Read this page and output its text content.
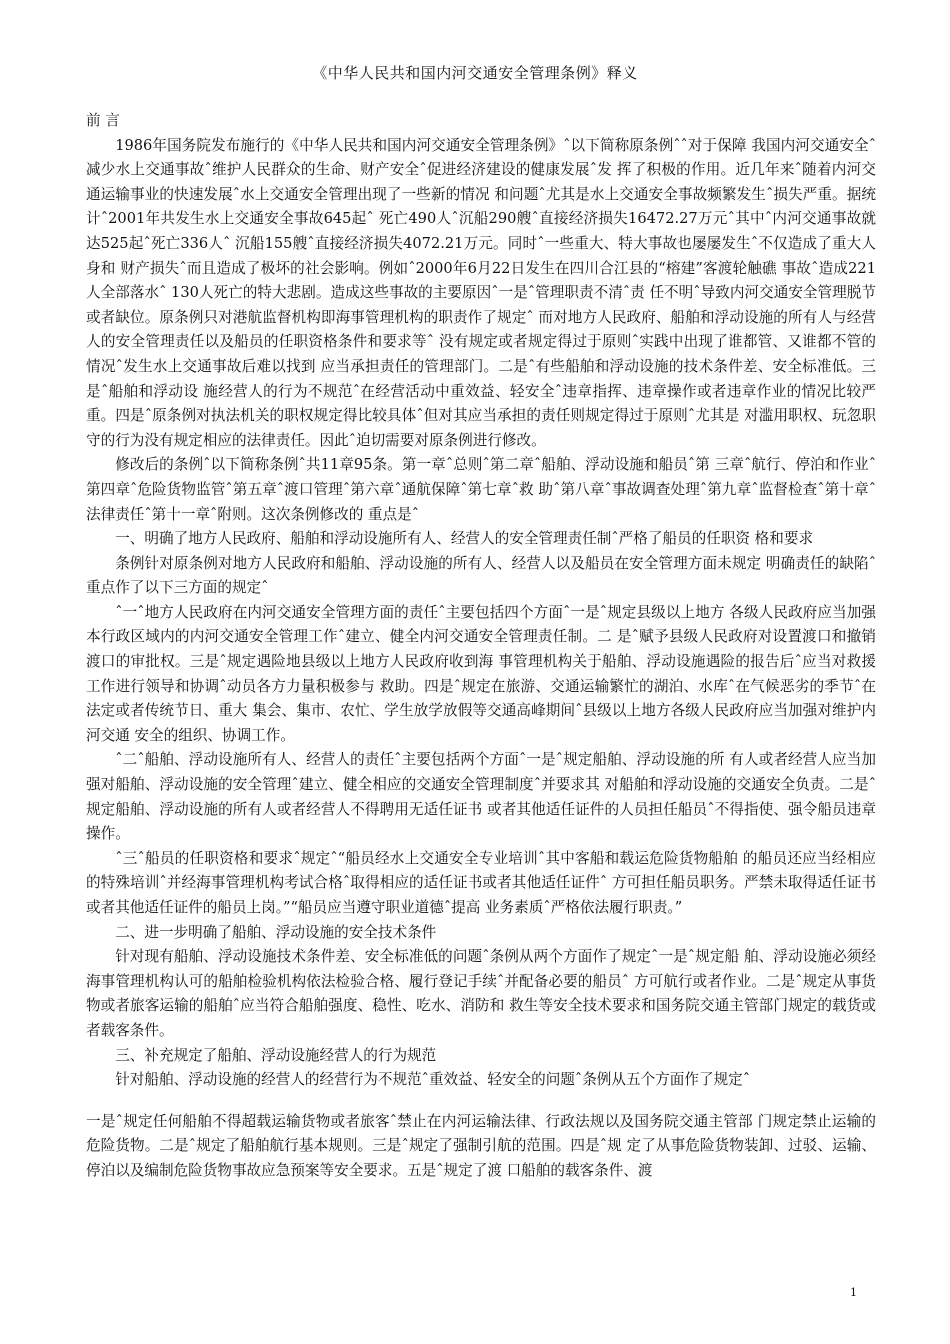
《中华人民共和国内河交通安全管理条例》释义

前 言

1986年国务院发布施行的《中华人民共和国内河交通安全管理条例》ˆ以下简称原条例ˆˆ对于保障 我国内河交通安全ˆ减少水上交通事故ˆ维护人民群众的生命、财产安全ˆ促进经济建设的健康发展ˆ发 挥了积极的作用。近几年来ˆ随着内河交通运输事业的快速发展ˆ水上交通安全管理出现了一些新的情况 和问题ˆ尤其是水上交通安全事故频繁发生ˆ损失严重。据统计ˆ2001年共发生水上交通安全事故645起ˆ 死亡490人ˆ沉船290艘ˆ直接经济损失16472.27万元ˆ其中ˆ内河交通事故就达525起ˆ死亡336人ˆ 沉船155艘ˆ直接经济损失4072.21万元。同时ˆ一些重大、特大事故也屡屡发生ˆ不仅造成了重大人身和 财产损失ˆ而且造成了极坏的社会影响。例如ˆ2000年6月22日发生在四川合江县的“榕建”客渡轮触礁 事故ˆ造成221人全部落水ˆ 130人死亡的特大悲剧。造成这些事故的主要原因ˆ一是ˆ管理职责不清ˆ责 任不明ˆ导致内河交通安全管理脱节或者缺位。原条例只对港航监督机构即海事管理机构的职责作了规定ˆ 而对地方人民政府、船舶和浮动设施的所有人与经营人的安全管理责任以及船员的任职资格条件和要求等ˆ 没有规定或者规定得过于原则ˆ实践中出现了谁都管、又谁都不管的情况ˆ发生水上交通事故后难以找到 应当承担责任的管理部门。二是ˆ有些船舶和浮动设施的技术条件差、安全标准低。三是ˆ船舶和浮动设 施经营人的行为不规范ˆ在经营活动中重效益、轻安全ˆ违章指挥、违章操作或者违章作业的情况比较严重。四是ˆ原条例对执法机关的职权规定得比较具体ˆ但对其应当承担的责任则规定得过于原则ˆ尤其是 对滥用职权、玩忽职守的行为没有规定相应的法律责任。因此ˆ迫切需要对原条例进行修改。

修改后的条例ˆ以下简称条例ˆ共11章95条。第一章ˆ总则ˆ第二章ˆ船舶、浮动设施和船员ˆ第 三章ˆ航行、停泊和作业ˆ第四章ˆ危险货物监管ˆ第五章ˆ渡口管理ˆ第六章ˆ通航保障ˆ第七章ˆ救 助ˆ第八章ˆ事故调查处理ˆ第九章ˆ监督检查ˆ第十章ˆ法律责任ˆ第十一章ˆ附则。这次条例修改的 重点是ˆ

一、明确了地方人民政府、船舶和浮动设施所有人、经营人的安全管理责任制ˆ严格了船员的任职资 格和要求

条例针对原条例对地方人民政府和船舶、浮动设施的所有人、经营人以及船员在安全管理方面未规定 明确责任的缺陷ˆ重点作了以下三方面的规定ˆ

ˆ一ˆ地方人民政府在内河交通安全管理方面的责任ˆ主要包括四个方面ˆ一是ˆ规定县级以上地方 各级人民政府应当加强本行政区域内的内河交通安全管理工作ˆ建立、健全内河交通安全管理责任制。二 是ˆ赋予县级人民政府对设置渡口和撤销渡口的审批权。三是ˆ规定遇险地县级以上地方人民政府收到海 事管理机构关于船舶、浮动设施遇险的报告后ˆ应当对救援工作进行领导和协调ˆ动员各方力量积极参与 救助。四是ˆ规定在旅游、交通运输繁忙的湖泊、水库ˆ在气候恶劣的季节ˆ在法定或者传统节日、重大 集会、集市、农忙、学生放学放假等交通高峰期间ˆ县级以上地方各级人民政府应当加强对维护内河交通 安全的组织、协调工作。

ˆ二ˆ船舶、浮动设施所有人、经营人的责任ˆ主要包括两个方面ˆ一是ˆ规定船舶、浮动设施的所 有人或者经营人应当加强对船舶、浮动设施的安全管理ˆ建立、健全相应的交通安全管理制度ˆ并要求其 对船舶和浮动设施的交通安全负责。二是ˆ规定船舶、浮动设施的所有人或者经营人不得聘用无适任证书 或者其他适任证件的人员担任船员ˆ不得指使、强令船员违章操作。

ˆ三ˆ船员的任职资格和要求ˆ规定ˆ“船员经水上交通安全专业培训ˆ其中客船和载运危险货物船舶 的船员还应当经相应的特殊培训ˆ并经海事管理机构考试合格ˆ取得相应的适任证书或者其他适任证件ˆ 方可担任船员职务。严禁未取得适任证书或者其他适任证件的船员上岗。”“船员应当遵守职业道德ˆ提高 业务素质ˆ严格依法履行职责。”

二、进一步明确了船舶、浮动设施的安全技术条件

针对现有船舶、浮动设施技术条件差、安全标准低的问题ˆ条例从两个方面作了规定ˆ一是ˆ规定船 舶、浮动设施必须经海事管理机构认可的船舶检验机构依法检验合格、履行登记手续ˆ并配备必要的船员ˆ 方可航行或者作业。二是ˆ规定从事货物或者旅客运输的船舶ˆ应当符合船舶强度、稳性、吃水、消防和 救生等安全技术要求和国务院交通主管部门规定的载货或者载客条件。

三、补充规定了船舶、浮动设施经营人的行为规范

针对船舶、浮动设施的经营人的经营行为不规范ˆ重效益、轻安全的问题ˆ条例从五个方面作了规定ˆ

一是ˆ规定任何船舶不得超载运输货物或者旅客ˆ禁止在内河运输法律、行政法规以及国务院交通主管部 门规定禁止运输的危险货物。二是ˆ规定了船舶航行基本规则。三是ˆ规定了强制引航的范围。四是ˆ规 定了从事危险货物装卸、过驳、运输、停泊以及编制危险货物事故应急预案等安全要求。五是ˆ规定了渡 口船舶的载客条件、渡

1
